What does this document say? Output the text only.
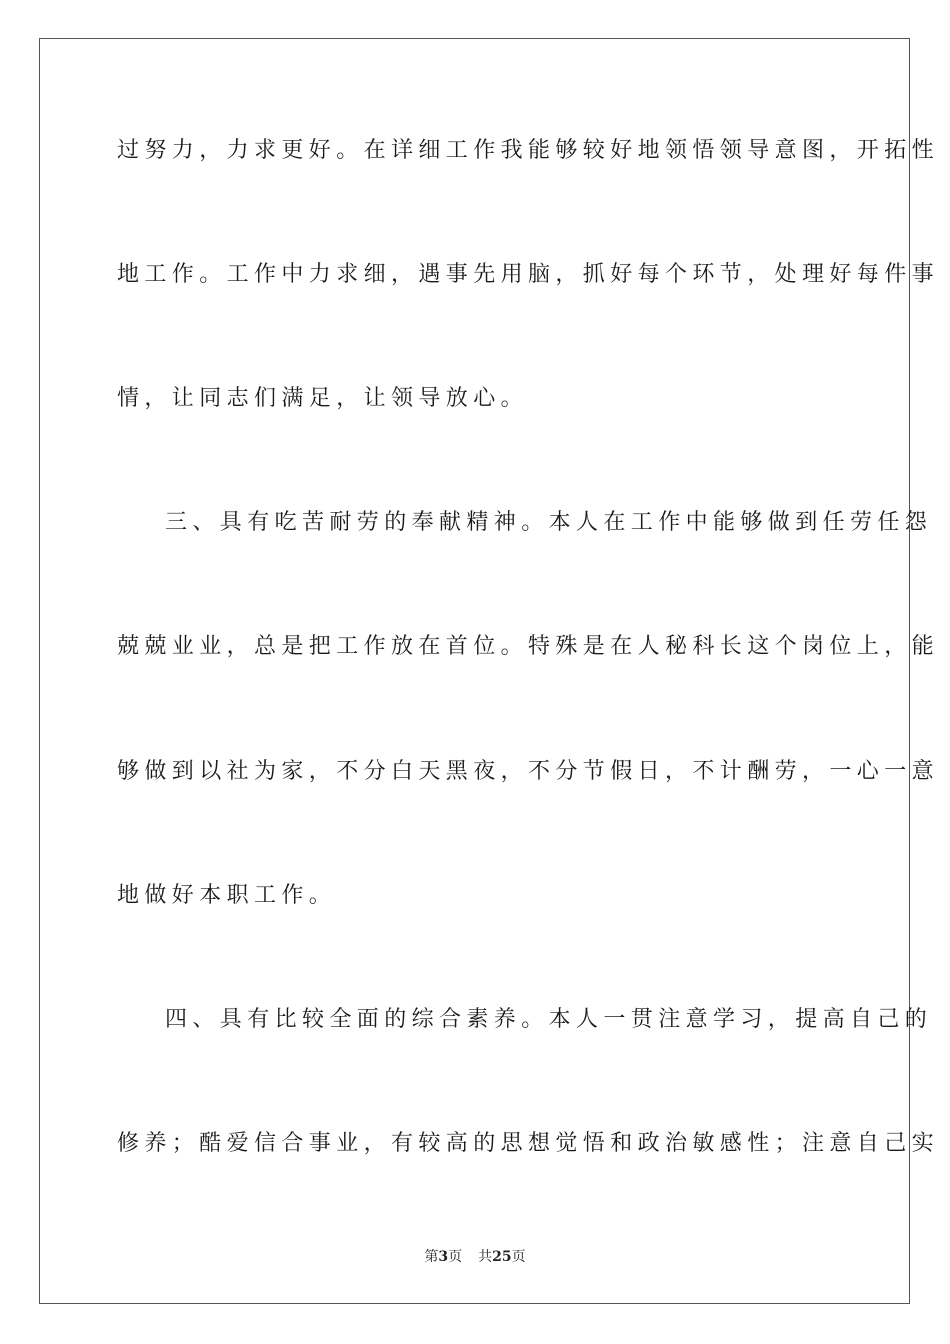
过努力，力求更好。在详细工作我能够较好地领悟领导意图，开拓性
地工作。工作中力求细，遇事先用脑，抓好每个环节，处理好每件事
情，让同志们满足，让领导放心。
三、具有吃苦耐劳的奉献精神。本人在工作中能够做到任劳任怨
兢兢业业，总是把工作放在首位。特殊是在人秘科长这个岗位上，能
够做到以社为家，不分白天黑夜，不分节假日，不计酬劳，一心一意
地做好本职工作。
四、具有比较全面的综合素养。本人一贯注意学习，提高自己的
修养；酷爱信合事业，有较高的思想觉悟和政治敏感性；注意自己实
第3页 共25页
